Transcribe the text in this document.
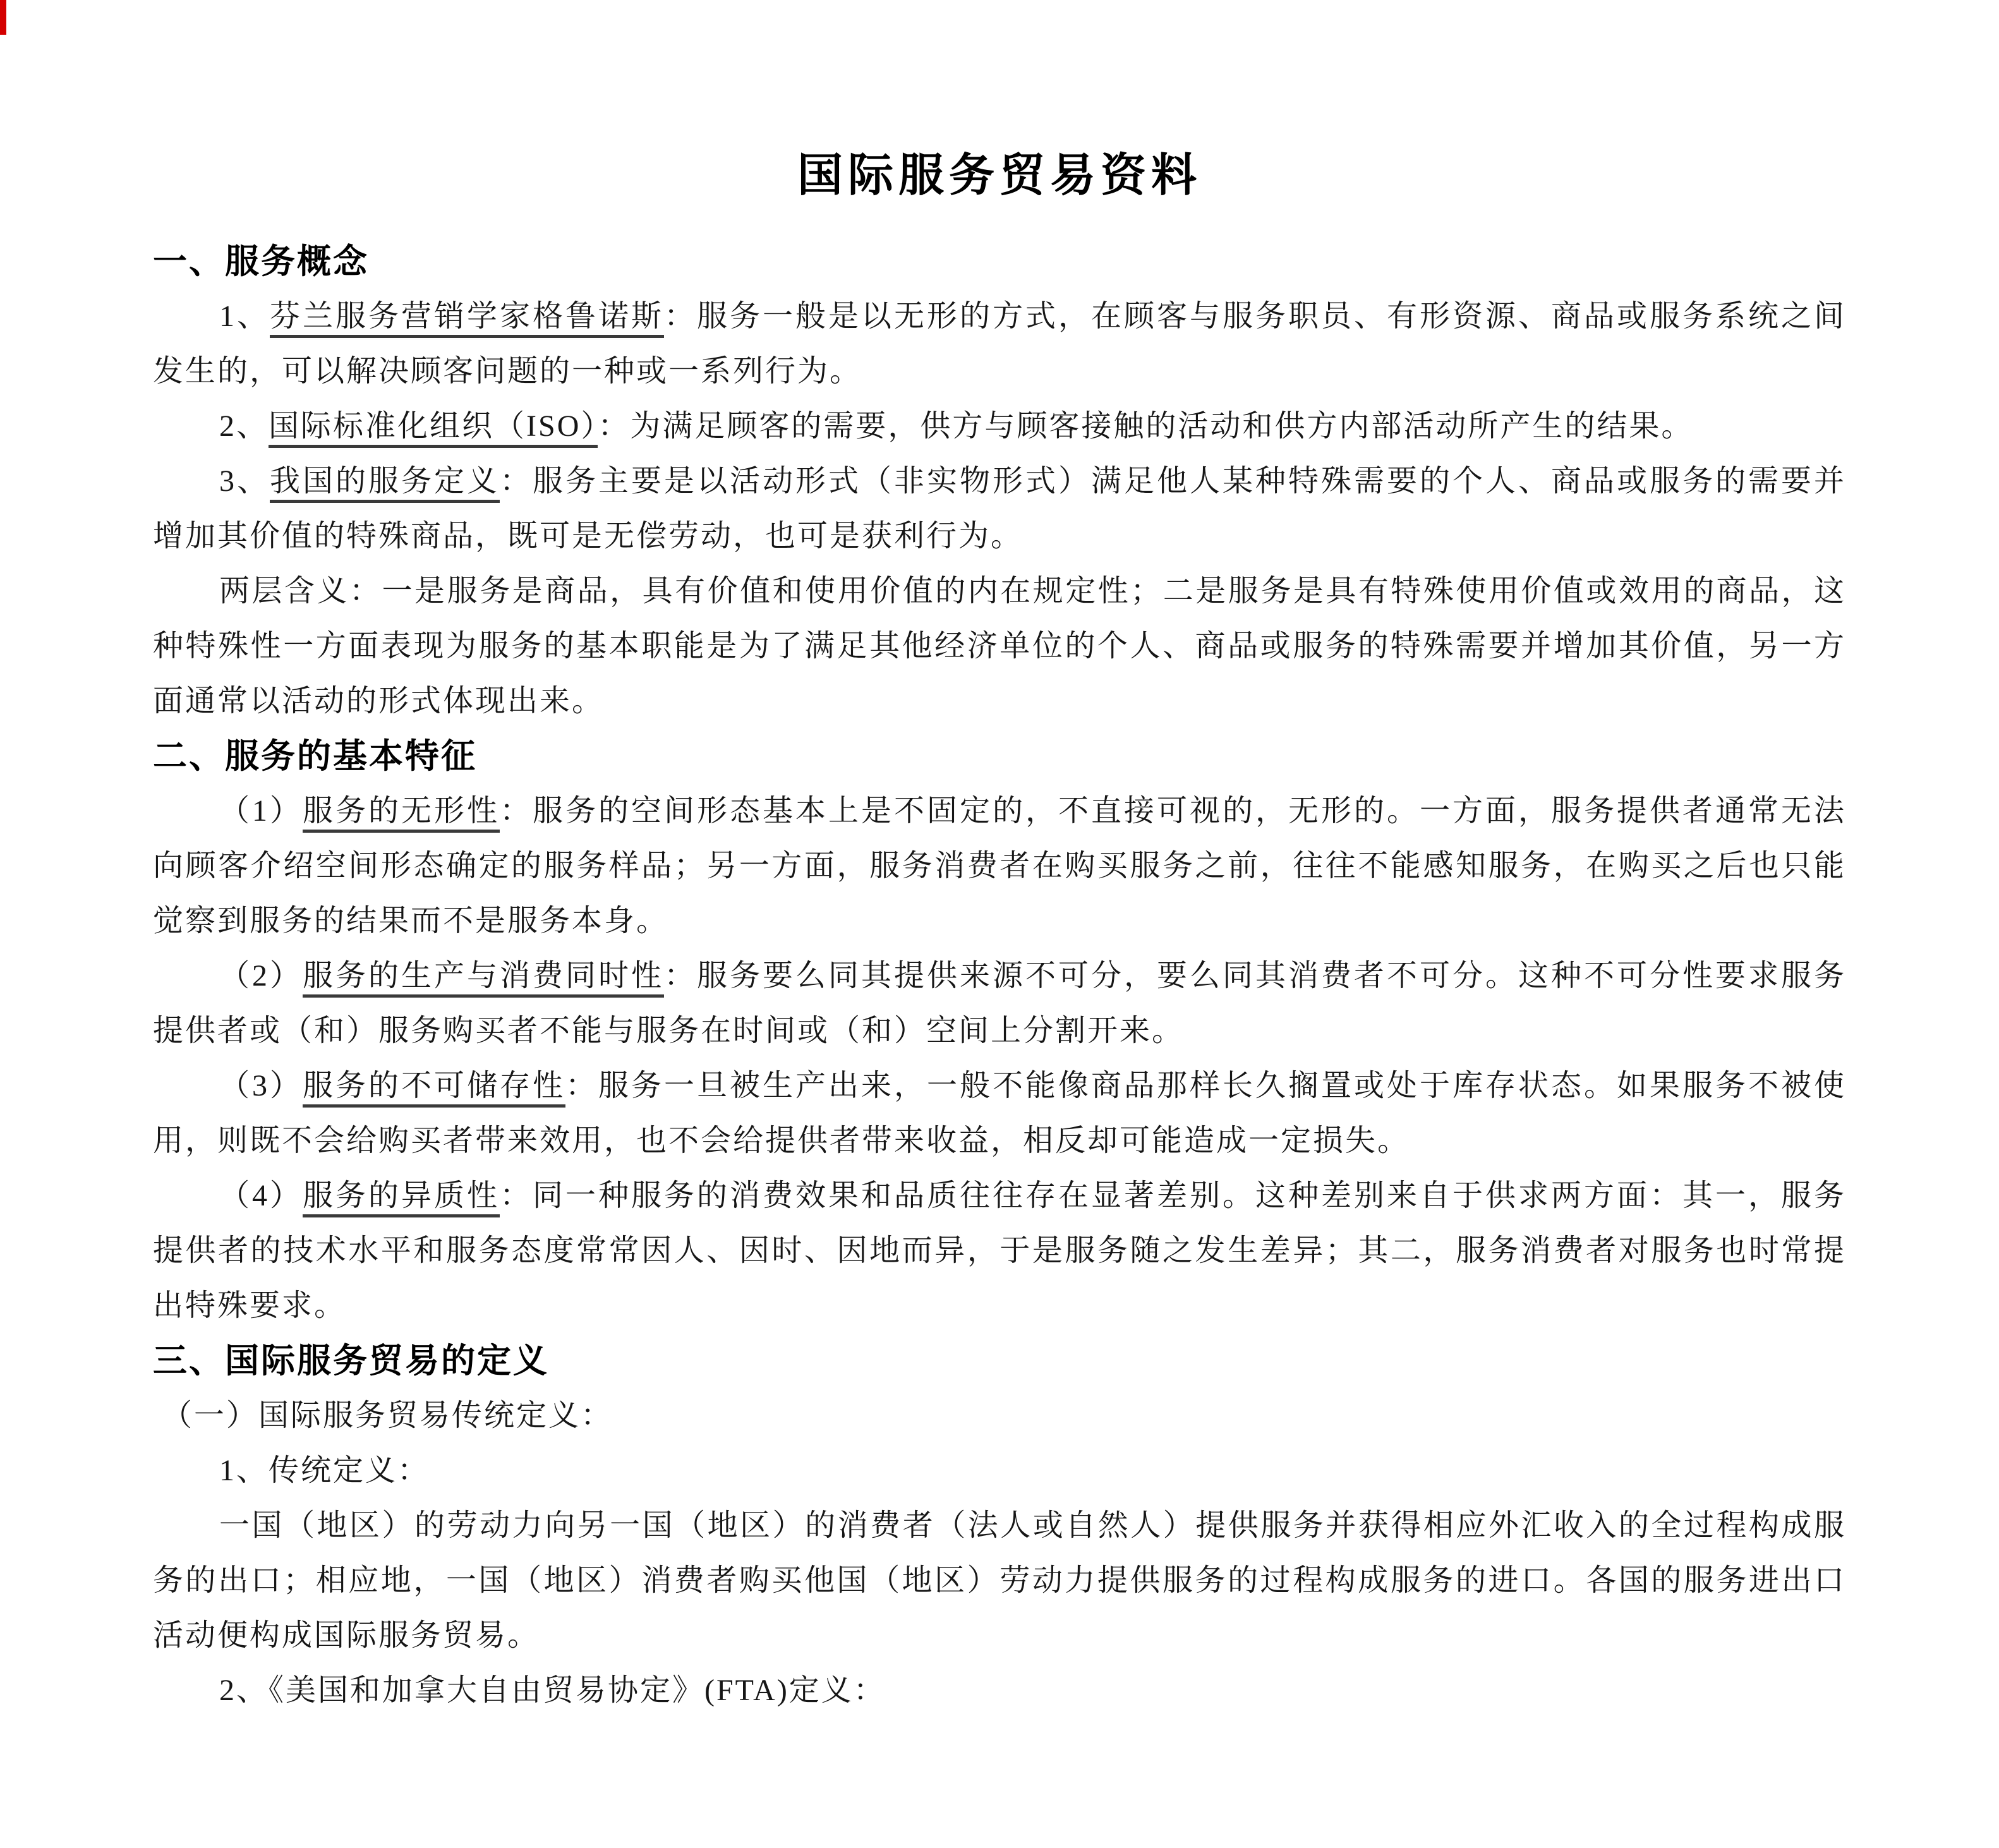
国际服务贸易资料
一、服务概念

1、芬兰服务营销学家格鲁诺斯：服务一般是以无形的方式，在顾客与服务职员、有形资源、商品或服务系统之间发生的，可以解决顾客问题的一种或一系列行为。

2、国际标准化组织（ISO）：为满足顾客的需要，供方与顾客接触的活动和供方内部活动所产生的结果。

3、我国的服务定义：服务主要是以活动形式（非实物形式）满足他人某种特殊需要的个人、商品或服务的需要并增加其价值的特殊商品，既可是无偿劳动，也可是获利行为。

两层含义：一是服务是商品，具有价值和使用价值的内在规定性；二是服务是具有特殊使用价值或效用的商品，这种特殊性一方面表现为服务的基本职能是为了满足其他经济单位的个人、商品或服务的特殊需要并增加其价值，另一方面通常以活动的形式体现出来。

二、服务的基本特征

（1）服务的无形性：服务的空间形态基本上是不固定的，不直接可视的，无形的。一方面，服务提供者通常无法向顾客介绍空间形态确定的服务样品；另一方面，服务消费者在购买服务之前，往往不能感知服务，在购买之后也只能觉察到服务的结果而不是服务本身。

（2）服务的生产与消费同时性：服务要么同其提供来源不可分，要么同其消费者不可分。这种不可分性要求服务提供者或（和）服务购买者不能与服务在时间或（和）空间上分割开来。

（3）服务的不可储存性：服务一旦被生产出来，一般不能像商品那样长久搁置或处于库存状态。如果服务不被使用，则既不会给购买者带来效用，也不会给提供者带来收益，相反却可能造成一定损失。

（4）服务的异质性：同一种服务的消费效果和品质往往存在显著差别。这种差别来自于供求两方面：其一，服务提供者的技术水平和服务态度常常因人、因时、因地而异，于是服务随之发生差异；其二，服务消费者对服务也时常提出特殊要求。

三、国际服务贸易的定义

（一）国际服务贸易传统定义：

1、传统定义：

一国（地区）的劳动力向另一国（地区）的消费者（法人或自然人）提供服务并获得相应外汇收入的全过程构成服务的出口；相应地，一国（地区）消费者购买他国（地区）劳动力提供服务的过程构成服务的进口。各国的服务进出口活动便构成国际服务贸易。

2、《美国和加拿大自由贸易协定》(FTA)定义：
